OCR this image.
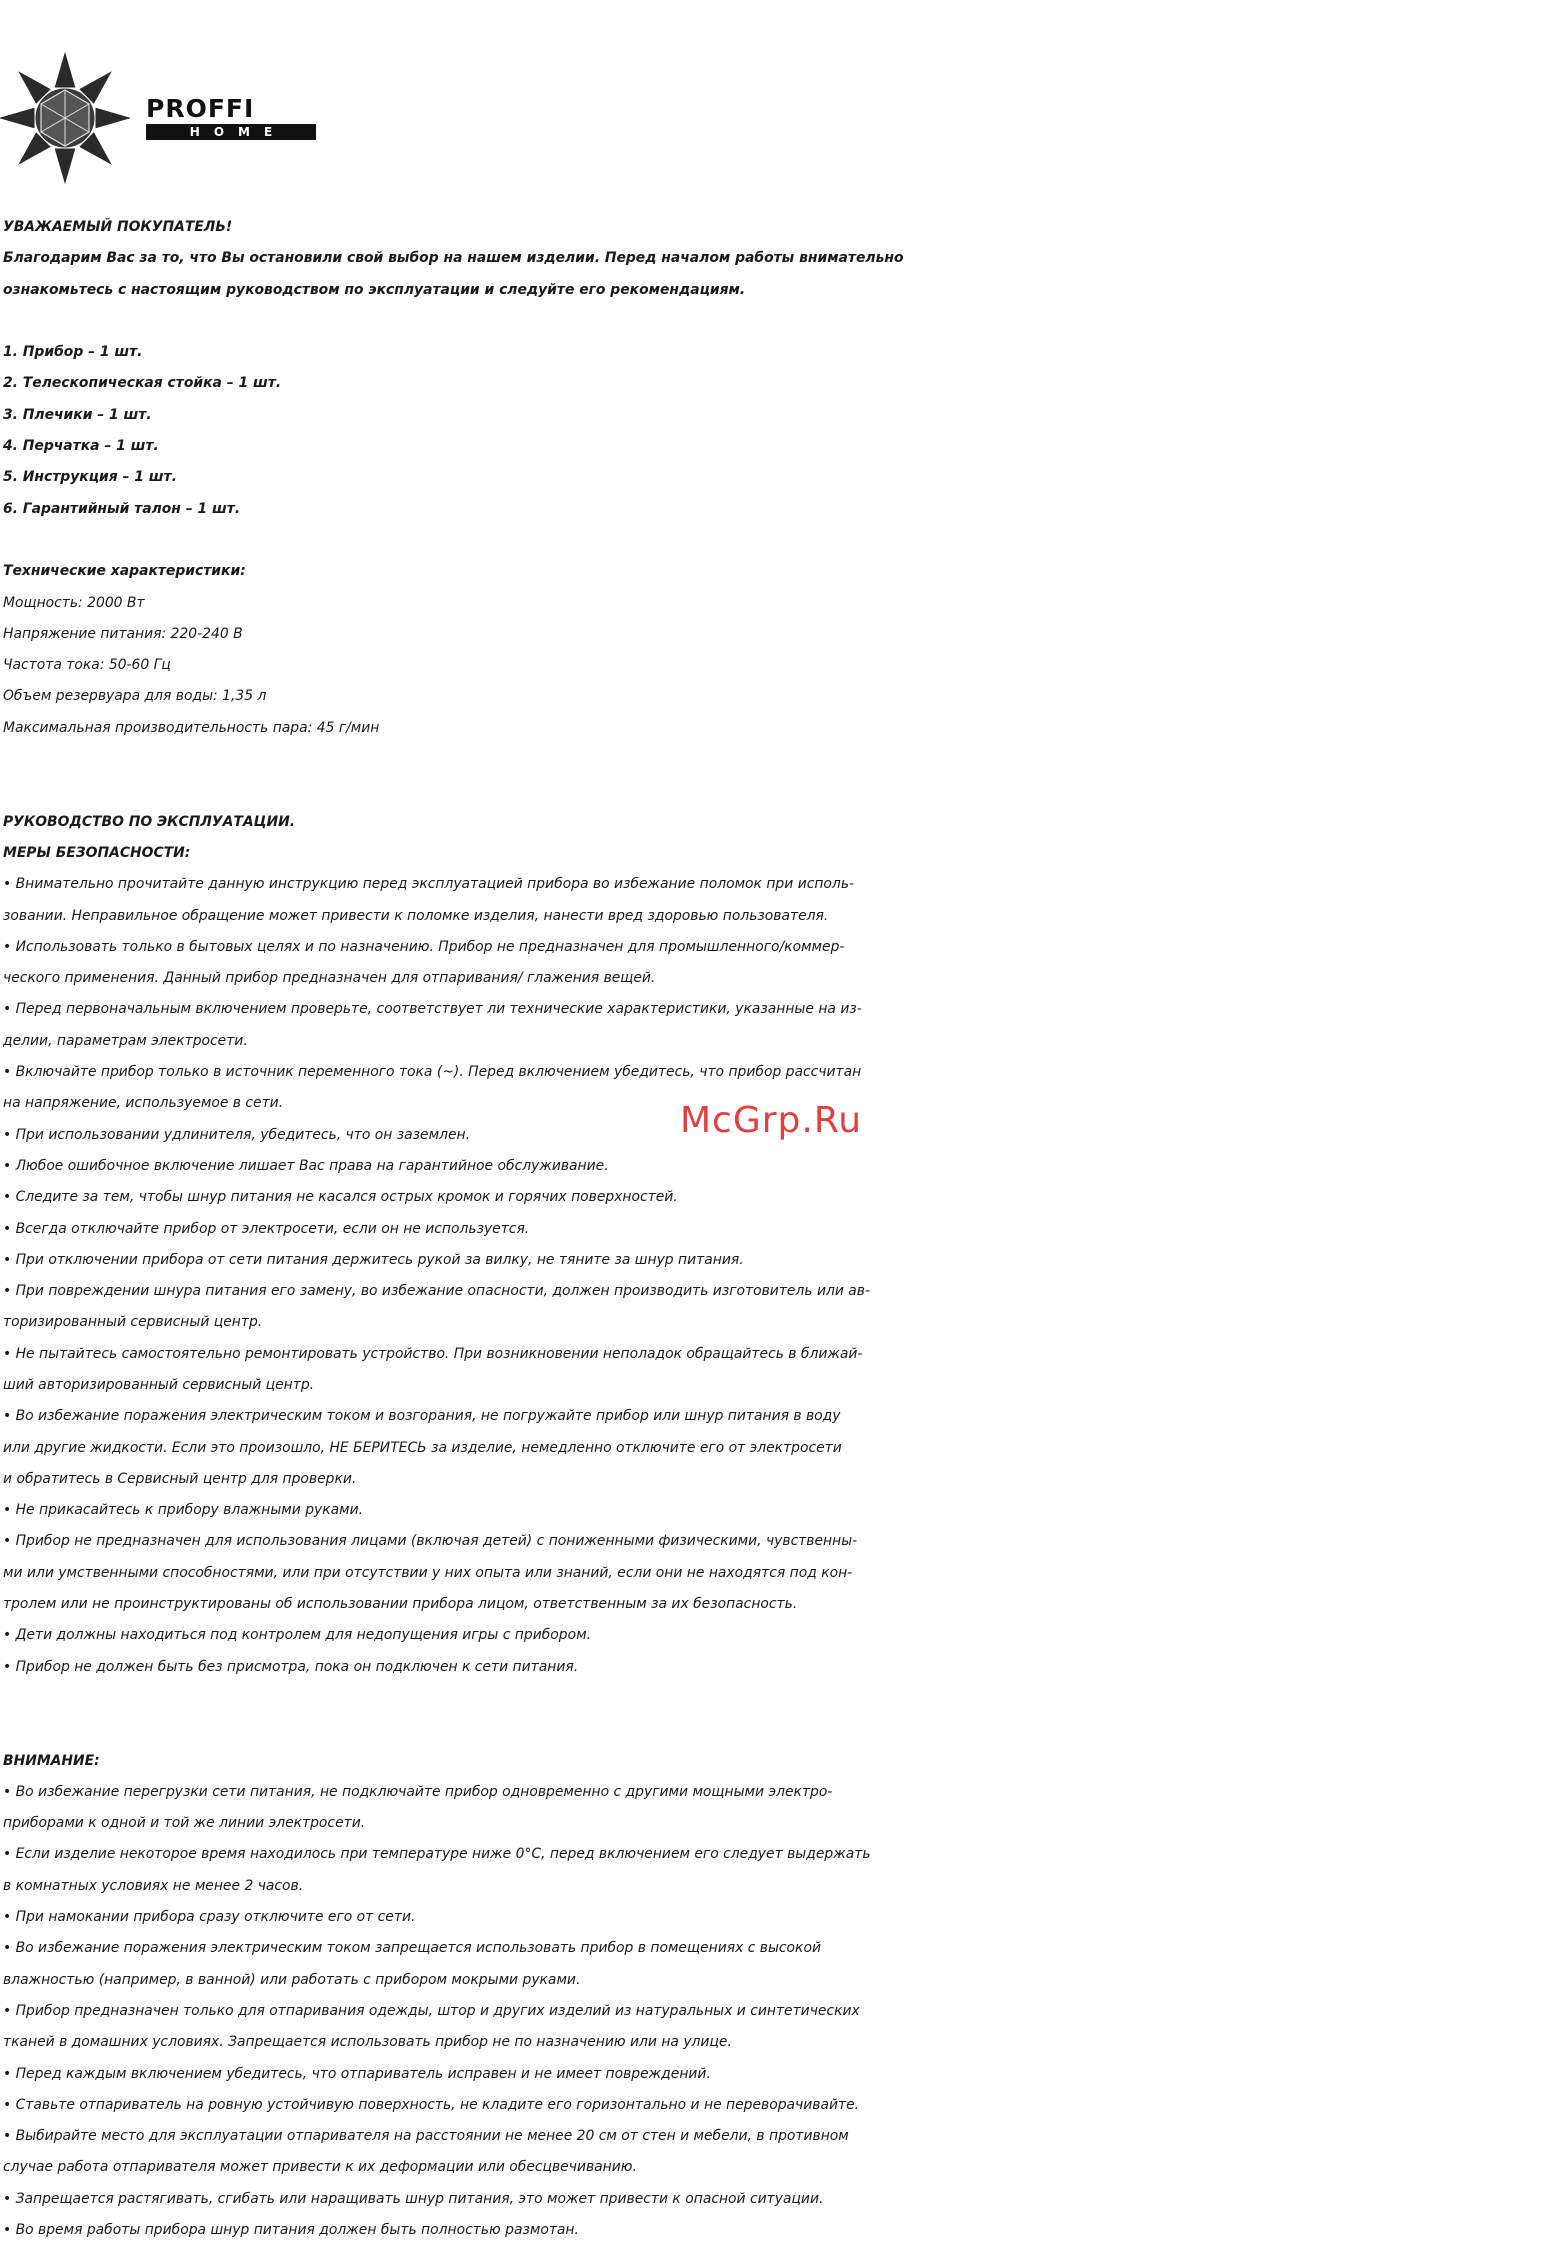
PROFFI
HOME

УВАЖАЕМЫЙ ПОКУПАТЕЛЬ!

Благодарим Вас за то, что Вы остановили свой выбор на нашем изделии. Перед началом работы внимательно

ознакомьтесь с настоящим руководством по эксплуатации и следуйте его рекомендациям.

1. Прибор – 1 шт.

2. Телескопическая стойка – 1 шт.

3. Плечики – 1 шт.

4. Перчатка – 1 шт.

5. Инструкция – 1 шт.

6. Гарантийный талон – 1 шт.

Технические характеристики:

Мощность: 2000 Вт

Напряжение питания: 220-240 В

Частота тока: 50-60 Гц

Объем резервуара для воды: 1,35 л

Максимальная производительность пара: 45 г/мин

РУКОВОДСТВО ПО ЭКСПЛУАТАЦИИ.

МЕРЫ БЕЗОПАСНОСТИ:

• Внимательно прочитайте данную инструкцию перед эксплуатацией прибора во избежание поломок при исполь-

зовании. Неправильное обращение может привести к поломке изделия, нанести вред здоровью пользователя.

• Использовать только в бытовых целях и по назначению. Прибор не предназначен для промышленного/коммер-

ческого применения. Данный прибор предназначен для отпаривания/ глажения вещей.

• Перед первоначальным включением проверьте, соответствует ли технические характеристики, указанные на из-

делии, параметрам электросети.

• Включайте прибор только в источник переменного тока (~). Перед включением убедитесь, что прибор рассчитан

на напряжение, используемое в сети.

• При использовании удлинителя, убедитесь, что он заземлен.

• Любое ошибочное включение лишает Вас права на гарантийное обслуживание.

• Следите за тем, чтобы шнур питания не касался острых кромок и горячих поверхностей.

• Всегда отключайте прибор от электросети, если он не используется.

• При отключении прибора от сети питания держитесь рукой за вилку, не тяните за шнур питания.

• При повреждении шнура питания его замену, во избежание опасности, должен производить изготовитель или ав-

торизированный сервисный центр.

• Не пытайтесь самостоятельно ремонтировать устройство. При возникновении неполадок обращайтесь в ближай-

ший авторизированный сервисный центр.

• Во избежание поражения электрическим током и возгорания, не погружайте прибор или шнур питания в воду

или другие жидкости. Если это произошло, НЕ БЕРИТЕСЬ за изделие, немедленно отключите его от электросети

и обратитесь в Сервисный центр для проверки.

• Не прикасайтесь к прибору влажными руками.

• Прибор не предназначен для использования лицами (включая детей) с пониженными физическими, чувственны-

ми или умственными способностями, или при отсутствии у них опыта или знаний, если они не находятся под кон-

тролем или не проинструктированы об использовании прибора лицом, ответственным за их безопасность.

• Дети должны находиться под контролем для недопущения игры с прибором.

• Прибор не должен быть без присмотра, пока он подключен к сети питания.

ВНИМАНИЕ:

• Во избежание перегрузки сети питания, не подключайте прибор одновременно с другими мощными электро-

приборами к одной и той же линии электросети.

• Если изделие некоторое время находилось при температуре ниже 0°С, перед включением его следует выдержать

в комнатных условиях не менее 2 часов.

• При намокании прибора сразу отключите его от сети.

• Во избежание поражения электрическим током запрещается использовать прибор в помещениях с высокой

влажностью (например, в ванной) или работать с прибором мокрыми руками.

• Прибор предназначен только для отпаривания одежды, штор и других изделий из натуральных и синтетических

тканей в домашних условиях. Запрещается использовать прибор не по назначению или на улице.

• Перед каждым включением убедитесь, что отпариватель исправен и не имеет повреждений.

• Ставьте отпариватель на ровную устойчивую поверхность, не кладите его горизонтально и не переворачивайте.

• Выбирайте место для эксплуатации отпаривателя на расстоянии не менее 20 см от стен и мебели, в противном

случае работа отпаривателя может привести к их деформации или обесцвечиванию.

• Запрещается растягивать, сгибать или наращивать шнур питания, это может привести к опасной ситуации.

• Во время работы прибора шнур питания должен быть полностью размотан.

McGrp.Ru
